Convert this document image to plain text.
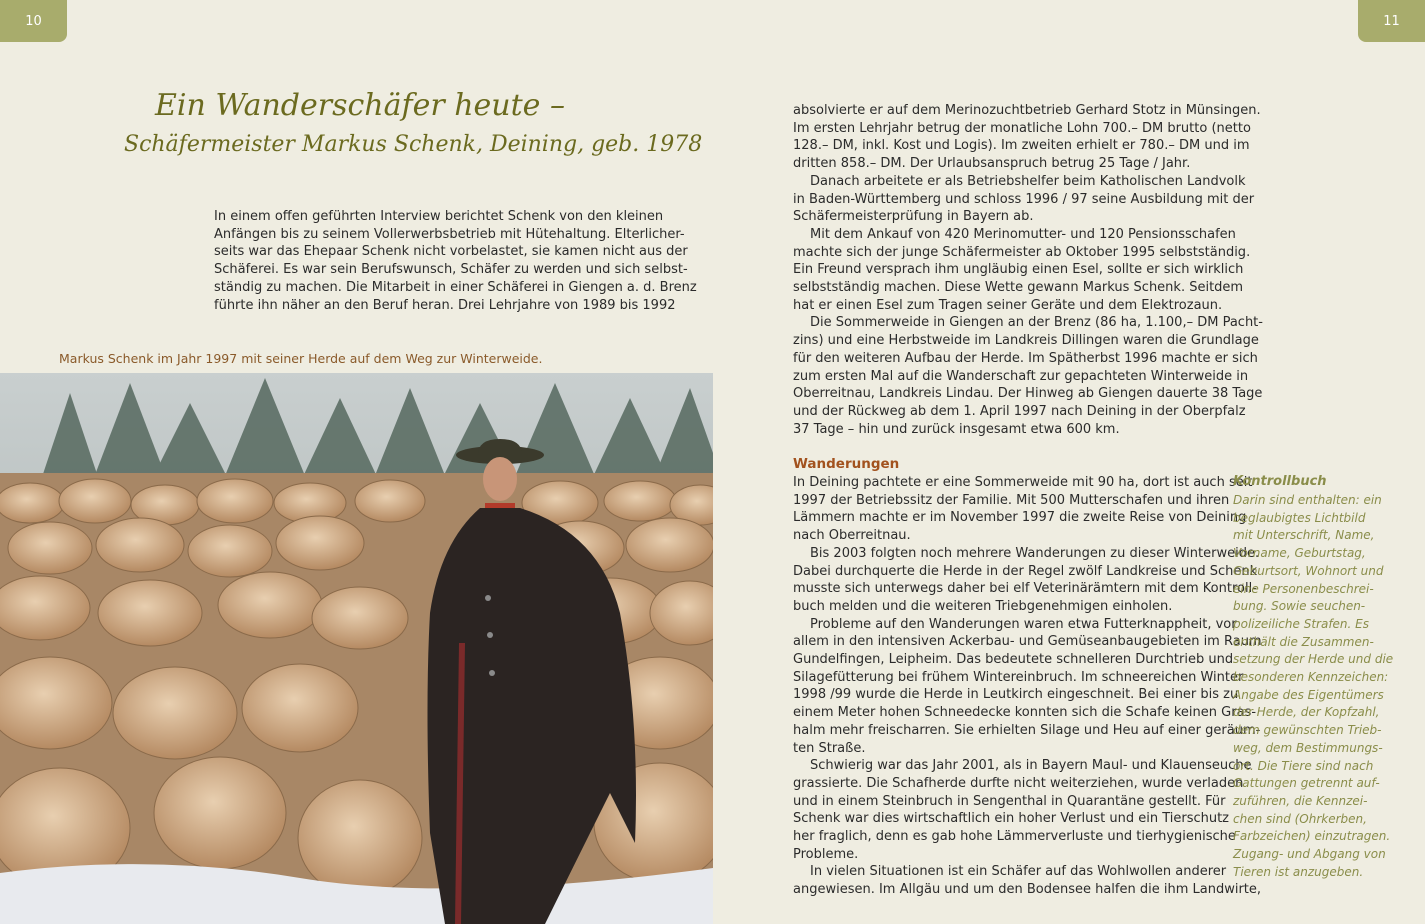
10	11
Ein Wanderschäfer heute –
Schäfermeister Markus Schenk, Deining, geb. 1978
In einem offen geführten Interview berichtet Schenk von den kleinen
Anfängen bis zu seinem Vollerwerbsbetrieb mit Hütehaltung. Elterlicher-
seits war das Ehepaar Schenk nicht vorbelastet, sie kamen nicht aus der
Schäferei. Es war sein Berufswunsch, Schäfer zu werden und sich selbst-
ständig zu machen. Die Mitarbeit in einer Schäferei in Giengen a. d. Brenz
führte ihn näher an den Beruf heran. Drei Lehrjahre von 1989 bis 1992
Markus Schenk im Jahr 1997 mit seiner Herde auf dem Weg zur Winterweide.
absolvierte er auf dem Merinozuchtbetrieb Gerhard Stotz in Münsingen.
Im ersten Lehrjahr betrug der monatliche Lohn 700.– DM brutto (netto
128.– DM, inkl. Kost und Logis). Im zweiten erhielt er 780.– DM und im
dritten 858.– DM. Der Urlaubsanspruch betrug 25 Tage / Jahr.
Danach arbeitete er als Betriebshelfer beim Katholischen Landvolk
in Baden-Württemberg und schloss 1996 / 97 seine Ausbildung mit der
Schäfermeisterprüfung in Bayern ab.
Mit dem Ankauf von 420 Merinomutter- und 120 Pensionsschafen
machte sich der junge Schäfermeister ab Oktober 1995 selbstständig.
Ein Freund versprach ihm ungläubig einen Esel, sollte er sich wirklich
selbstständig machen. Diese Wette gewann Markus Schenk. Seitdem
hat er einen Esel zum Tragen seiner Geräte und dem Elektrozaun.
Die Sommerweide in Giengen an der Brenz (86 ha, 1.100,– DM Pacht-
zins) und eine Herbstweide im Landkreis Dillingen waren die Grundlage
für den weiteren Aufbau der Herde. Im Spätherbst 1996 machte er sich
zum ersten Mal auf die Wanderschaft zur gepachteten Winterweide in
Oberreitnau, Landkreis Lindau. Der Hinweg ab Giengen dauerte 38 Tage
und der Rückweg ab dem 1. April 1997 nach Deining in der Oberpfalz
37 Tage – hin und zurück insgesamt etwa 600 km.
Wanderungen
In Deining pachtete er eine Sommerweide mit 90 ha, dort ist auch seit
1997 der Betriebssitz der Familie. Mit 500 Mutterschafen und ihren
Lämmern machte er im November 1997 die zweite Reise von Deining
nach Oberreitnau.
Bis 2003 folgten noch mehrere Wanderungen zu dieser Winterweide.
Dabei durchquerte die Herde in der Regel zwölf Landkreise und Schenk
musste sich unterwegs daher bei elf Veterinärämtern mit dem Kontroll-
buch melden und die weiteren Triebgenehmigen einholen.
Probleme auf den Wanderungen waren etwa Futterknappheit, vor
allem in den intensiven Ackerbau- und Gemüseanbaugebieten im Raum
Gundelfingen, Leipheim. Das bedeutete schnelleren Durchtrieb und
Silagefütterung bei frühem Wintereinbruch. Im schneereichen Winter
1998 /99 wurde die Herde in Leutkirch eingeschneit. Bei einer bis zu
einem Meter hohen Schneedecke konnten sich die Schafe keinen Gras-
halm mehr freischarren. Sie erhielten Silage und Heu auf einer geräum-
ten Straße.
Schwierig war das Jahr 2001, als in Bayern Maul- und Klauenseuche
grassierte. Die Schafherde durfte nicht weiterziehen, wurde verladen
und in einem Steinbruch in Sengenthal in Quarantäne gestellt. Für
Schenk war dies wirtschaftlich ein hoher Verlust und ein Tierschutz
her fraglich, denn es gab hohe Lämmerverluste und tierhygienische
Probleme.
In vielen Situationen ist ein Schäfer auf das Wohlwollen anderer
angewiesen. Im Allgäu und um den Bodensee halfen die ihm Landwirte,
Kontrollbuch
Darin sind enthalten: ein
beglaubigtes Lichtbild
mit Unterschrift, Name,
Vorname, Geburtstag,
Geburtsort, Wohnort und
eine Personenbeschrei-
bung. Sowie seuchen-
polizeiliche Strafen. Es
enthält die Zusammen-
setzung der Herde und die
besonderen Kennzeichen:
Angabe des Eigentümers
der Herde, der Kopfzahl,
dem gewünschten Trieb-
weg, dem Bestimmungs-
ort. Die Tiere sind nach
Gattungen getrennt auf-
zuführen, die Kennzei-
chen sind (Ohrkerben,
Farbzeichen) einzutragen.
Zugang- und Abgang von
Tieren ist anzugeben.
